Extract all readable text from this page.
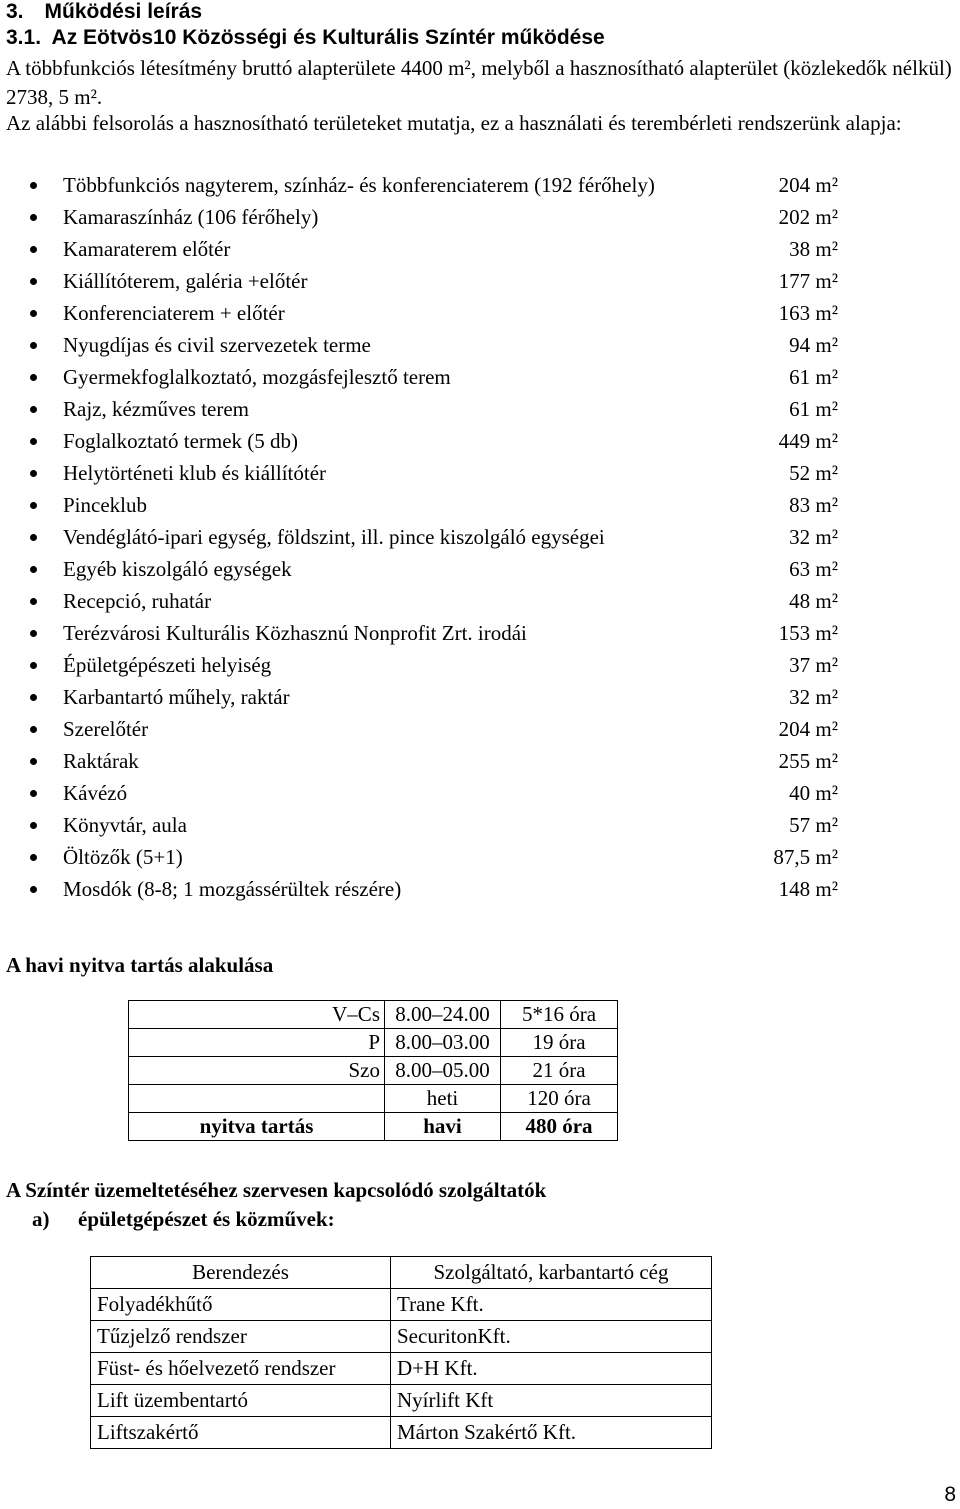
3. Működési leírás
3.1. Az Eötvös10 Közösségi és Kulturális Színtér működése
A többfunkciós létesítmény bruttó alapterülete 4400 m², melyből a hasznosítható alapterület (közlekedők nélkül) 2738, 5 m².
Az alábbi felsorolás a hasznosítható területeket mutatja, ez a használati és terembérleti rendszerünk alapja:
Többfunkciós nagyterem, színház- és konferenciaterem (192 férőhely)	204 m²
Kamaraszínház (106 férőhely)	202 m²
Kamaraterem előtér	38 m²
Kiállítóterem, galéria +előtér	177 m²
Konferenciaterem + előtér	163 m²
Nyugdíjas és civil szervezetek terme	94 m²
Gyermekfoglalkoztató, mozgásfejlesztő terem	61 m²
Rajz, kézműves terem	61 m²
Foglalkoztató termek (5 db)	449 m²
Helytörténeti klub és kiállítótér	52 m²
Pinceklub	83 m²
Vendéglátó-ipari egység, földszint, ill. pince kiszolgáló egységei	32 m²
Egyéb kiszolgáló egységek	63 m²
Recepció, ruhatár	48 m²
Terézvárosi Kulturális Közhasznú Nonprofit Zrt. irodái	153 m²
Épületgépészeti helyiség	37 m²
Karbantartó műhely, raktár	32 m²
Szerelőtér	204 m²
Raktárak	255 m²
Kávézó	40 m²
Könyvtár, aula	57 m²
Öltözők (5+1)	87,5 m²
Mosdók (8-8; 1 mozgássérültek részére)	148 m²
A havi nyitva tartás alakulása
V–Cs	8.00–24.00	5*16 óra
P	8.00–03.00	19 óra
Szo	8.00–05.00	21 óra
	heti	120 óra
nyitva tartás	havi	480 óra
A Színtér üzemeltetéséhez szervesen kapcsolódó szolgáltatók
a) épületgépészet és közművek:
Berendezés	Szolgáltató, karbantartó cég
Folyadékhűtő	Trane Kft.
Tűzjelző rendszer	SecuritonKft.
Füst- és hőelvezető rendszer	D+H Kft.
Lift üzembentartó	Nyírlift Kft
Liftszakértő	Márton Szakértő Kft.
8
